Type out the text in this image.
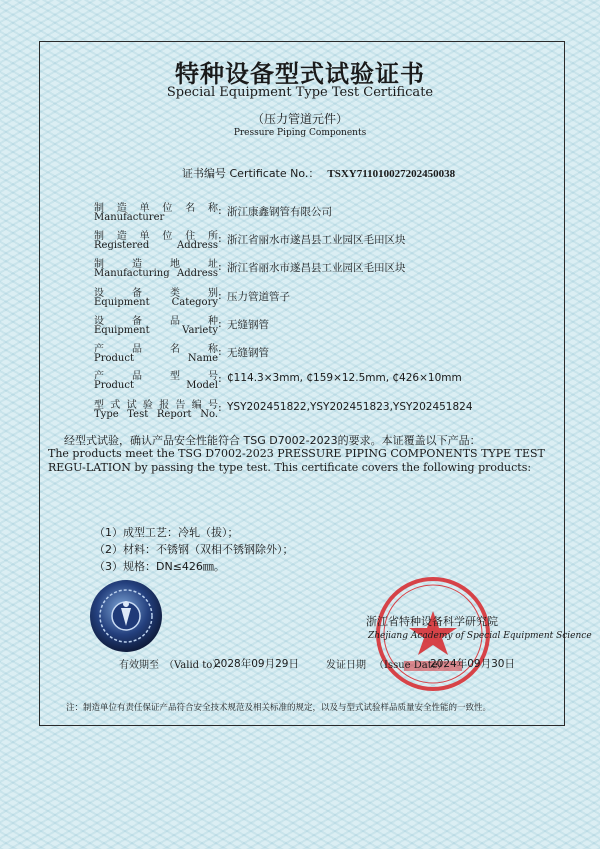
特种设备型式试验证书
Special Equipment Type Test Certificate
（压力管道元件）
Pressure Piping Components
证书编号 Certificate No.： TSXY711010027202450038
制造单位名称
Manufacturer
: 浙江康鑫钢管有限公司
制造单位住所
Registered Address
: 浙江省丽水市遂昌县工业园区毛田区块
制造地址
Manufacturing Address
: 浙江省丽水市遂昌县工业园区毛田区块
设备类别
Equipment Category
: 压力管道管子
设备品种
Equipment Variety
: 无缝钢管
产品名称
Product Name
: 无缝钢管
产品型号
Product Model
: ₵114.3×3mm, ₵159×12.5mm, ₵426×10mm
型式试验报告编号
Type Test Report No.
: YSY202451822,YSY202451823,YSY202451824
经型式试验，确认产品安全性能符合 TSG D7002-2023的要求。本证覆盖以下产品：
The products meet the TSG D7002-2023 PRESSURE PIPING COMPONENTS TYPE TEST REGU-LATION by passing the type test. This certificate covers the following products:
（1）成型工艺：冷轧（拔）；
（2）材料：不锈钢（双相不锈钢除外）；
（3）规格：DN≤426㎜。
浙江省特种设备科学研究院
Zhejiang Academy of Special Equipment Science
有效期至 （Valid to）：
2028年09月29日	发证日期 （Issue Date）：
2024年09月30日
注：制造单位有责任保证产品符合安全技术规范及相关标准的规定，以及与型式试验样品质量安全性能的一致性。
